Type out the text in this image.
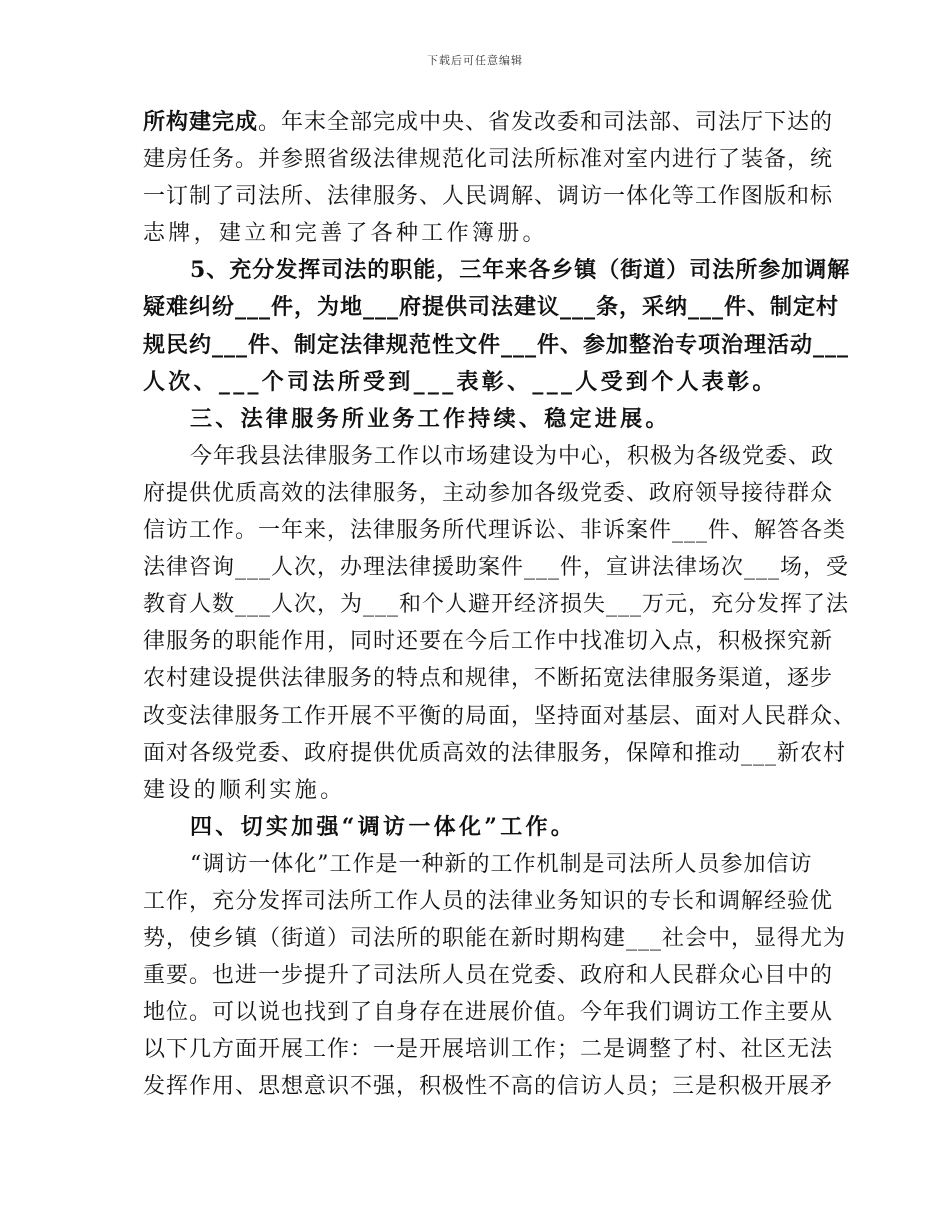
下载后可任意编辑
所构建完成。年末全部完成中央、省发改委和司法部、司法厅下达的
建房任务。并参照省级法律规范化司法所标准对室内进行了装备，统
一订制了司法所、法律服务、人民调解、调访一体化等工作图版和标
志牌，建立和完善了各种工作簿册。
5、充分发挥司法的职能，三年来各乡镇（街道）司法所参加调解
疑难纠纷___件，为地___府提供司法建议___条，采纳___件、制定村
规民约___件、制定法律规范性文件___件、参加整治专项治理活动___
人次、___个司法所受到___表彰、___人受到个人表彰。
三、法律服务所业务工作持续、稳定进展。
今年我县法律服务工作以市场建设为中心，积极为各级党委、政
府提供优质高效的法律服务，主动参加各级党委、政府领导接待群众
信访工作。一年来，法律服务所代理诉讼、非诉案件___件、解答各类
法律咨询___人次，办理法律援助案件___件，宣讲法律场次___场，受
教育人数___人次，为___和个人避开经济损失___万元，充分发挥了法
律服务的职能作用，同时还要在今后工作中找准切入点，积极探究新
农村建设提供法律服务的特点和规律，不断拓宽法律服务渠道，逐步
改变法律服务工作开展不平衡的局面，坚持面对基层、面对人民群众、
面对各级党委、政府提供优质高效的法律服务，保障和推动___新农村
建设的顺利实施。
四、切实加强“调访一体化”工作。
“调访一体化”工作是一种新的工作机制是司法所人员参加信访
工作，充分发挥司法所工作人员的法律业务知识的专长和调解经验优
势，使乡镇（街道）司法所的职能在新时期构建___社会中，显得尤为
重要。也进一步提升了司法所人员在党委、政府和人民群众心目中的
地位。可以说也找到了自身存在进展价值。今年我们调访工作主要从
以下几方面开展工作：一是开展培训工作；二是调整了村、社区无法
发挥作用、思想意识不强，积极性不高的信访人员；三是积极开展矛
